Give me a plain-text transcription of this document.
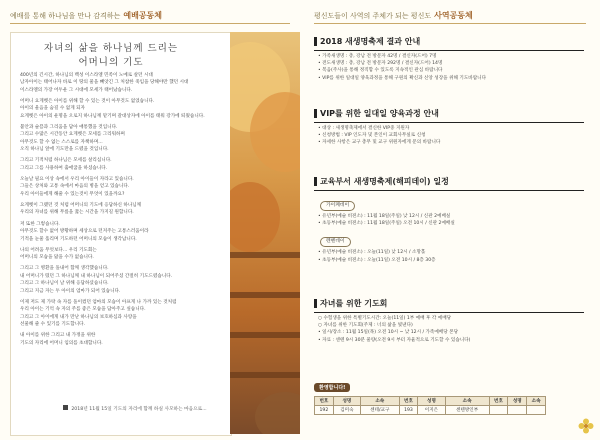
예배를 통해 하나님을 만나 감격하는 예배공동체
자녀의 삶을 하나님께 드리는
어머니의 기도

400년의 긴시간, 하나님의 백성 이스라엘 민족이 노예로 살던 시대
남자아이는 태어나자 바로 이 땅의 물을 빼앗긴 그 처참한 죽임을 당해야만 했던 시대
이스라엘의 가장 어두운 그 시대에 모세가 태어났습니다.

어머니 요게벳은 아이를 위해 할 수 있는 것이 아무것도 없었습니다.
아이의 울음을 숨길 수 없게 되자
요게벳은 아이의 운명을 오로지 하나님께 맡기며 갈대상자에 아이를 태워 강가에 띄웠습니다.

불안과 슬픔과 그리움을 담아 애통했을 것입니다.
그리고 수많은 시간동안 요게벳은 모세를 그리워하며
아무것도 할 수 없는 스스로를 자책하며...
오직 하나님 앞에 기도만을 드렸을 것입니다.

그리고 기적처럼 하나님은 모세를 살리십니다.
그리고 그를 사용하여 출애굽을 하셨습니다.

오늘날 필요 이상 속에서 우리 아이들이 자라고 있습니다.
그들은 상처와 고통 속에서 마음의 병을 얻고 있습니다.
우리 아이들에게 해줄 수 있는것이 무엇이 있을까요?

요게벳이 그랬던 것 처럼 어머니의 기도에 응답하신 하나님께
우리의 자녀를 위해 무릎을 꿇는 시간을 가지길 원합니다.

저 또한 그렇습니다.
아무것도 할수 없어 방황하며 세상으로 던져주는 고통스러움이라
기적을 눈물 흘리며 기도하던 어머니의 모습이 생각납니다.

나의 어려움 무엇보다... 우리 기도회는
어머니의 모습을 닮을 수가 없습니다.

그리고 그 병환을 돌내어 함께 생각했습니다.
내 어머니가 떴던 그 하나님께 내 하나님이 되어주셨 간절히 기도드렸습니다.
그리고 그 하나님이 날 위해 응답하셨습니다.
그리고 지금 자는 두 아이의 엄마가 되어 있습니다.

이제 저도 제 가락 속 자를 돌이켰던 엄마의 모습이 아프게 나 가까 있는 것처럼
우리 아이는 기억 속 자의 주를 좋은 모습을 담아주고 싶습니다.
그리고 그 아이에게 내가 만난 하나님의 보호하심과 사랑을
선물해 줄 수 있기를 기도합니다.

내 아이를 위한 그리고 내 가정을 위한
기도의 자리에 어머니 임의를 초대합니다.

2018년 11월 15일 기도의 자리에 함께 하실 사모하는 마음으로...
평신도들이 사역의 주체가 되는 평신도 사역공동체
2018 새생명축제 결과 안내
• 가족새생명 : 총, 강남 전 방문자 42명 / 결신자(드어) 7명
• 전도새생명 : 총, 강남 전 방문자 292명 / 결신자(드어) 14명
• 복음(주사)을 통해 정직함 수 있도록 지속적인 관심 바랍니다
• VIP를 위한 일대일 양육과정을 통해 구원의 확신과 신앙 성장을 위해 기도바랍니다
VIP를 위한 일대일 양육과정 안내
• 대상 : 새생명축제에서 결신한 VIP중 지원자
• 신청방법 : VIP 인도자 및 본인이 교회사무실로 신청
• 자세한 사항은 교구 총무 및 교구 위원자에게 문의 바랍니다
교육부서 새생명축제(해피데이) 일정
가이페데이
• 유년부(예슬 비젼소) : 11월 18일(주일) 낮 12시 / 신관 2예배실
• 초등부(예슬 비젼소) : 11월 18일(주일) 오전 10시 / 신관 2예배실
렌헨데이
• 유년부(예슬 비젼소) : 오늘(11일) 낮 12시 / 소망홀
• 초등부(예슬 비젼소) : 오늘(11일) 오전 10시 / 8층 30층
자녀를 위한 기도회
○ 수험생을 위한 특별기도시간: 오늘(11일) 1부 예배 후 각 예배당
○ 자녀를 위한 기도회(주제 : 너의 삶을 빛낸다)
• 일시/장소 : 11월 15일(목) 오전 10시 ~ 낮 12시 / 가족예배당 본당
• 자료 : 센텐 9시 30분 물량(오전 9시 부터 자율적으로 기도할 수 있습니다)
환영합니다!
번호	성명	소속	번호	성명	소속	번호	성명	소속
192	김미숙	센테/교구	193	이지은	센텐방인부			
